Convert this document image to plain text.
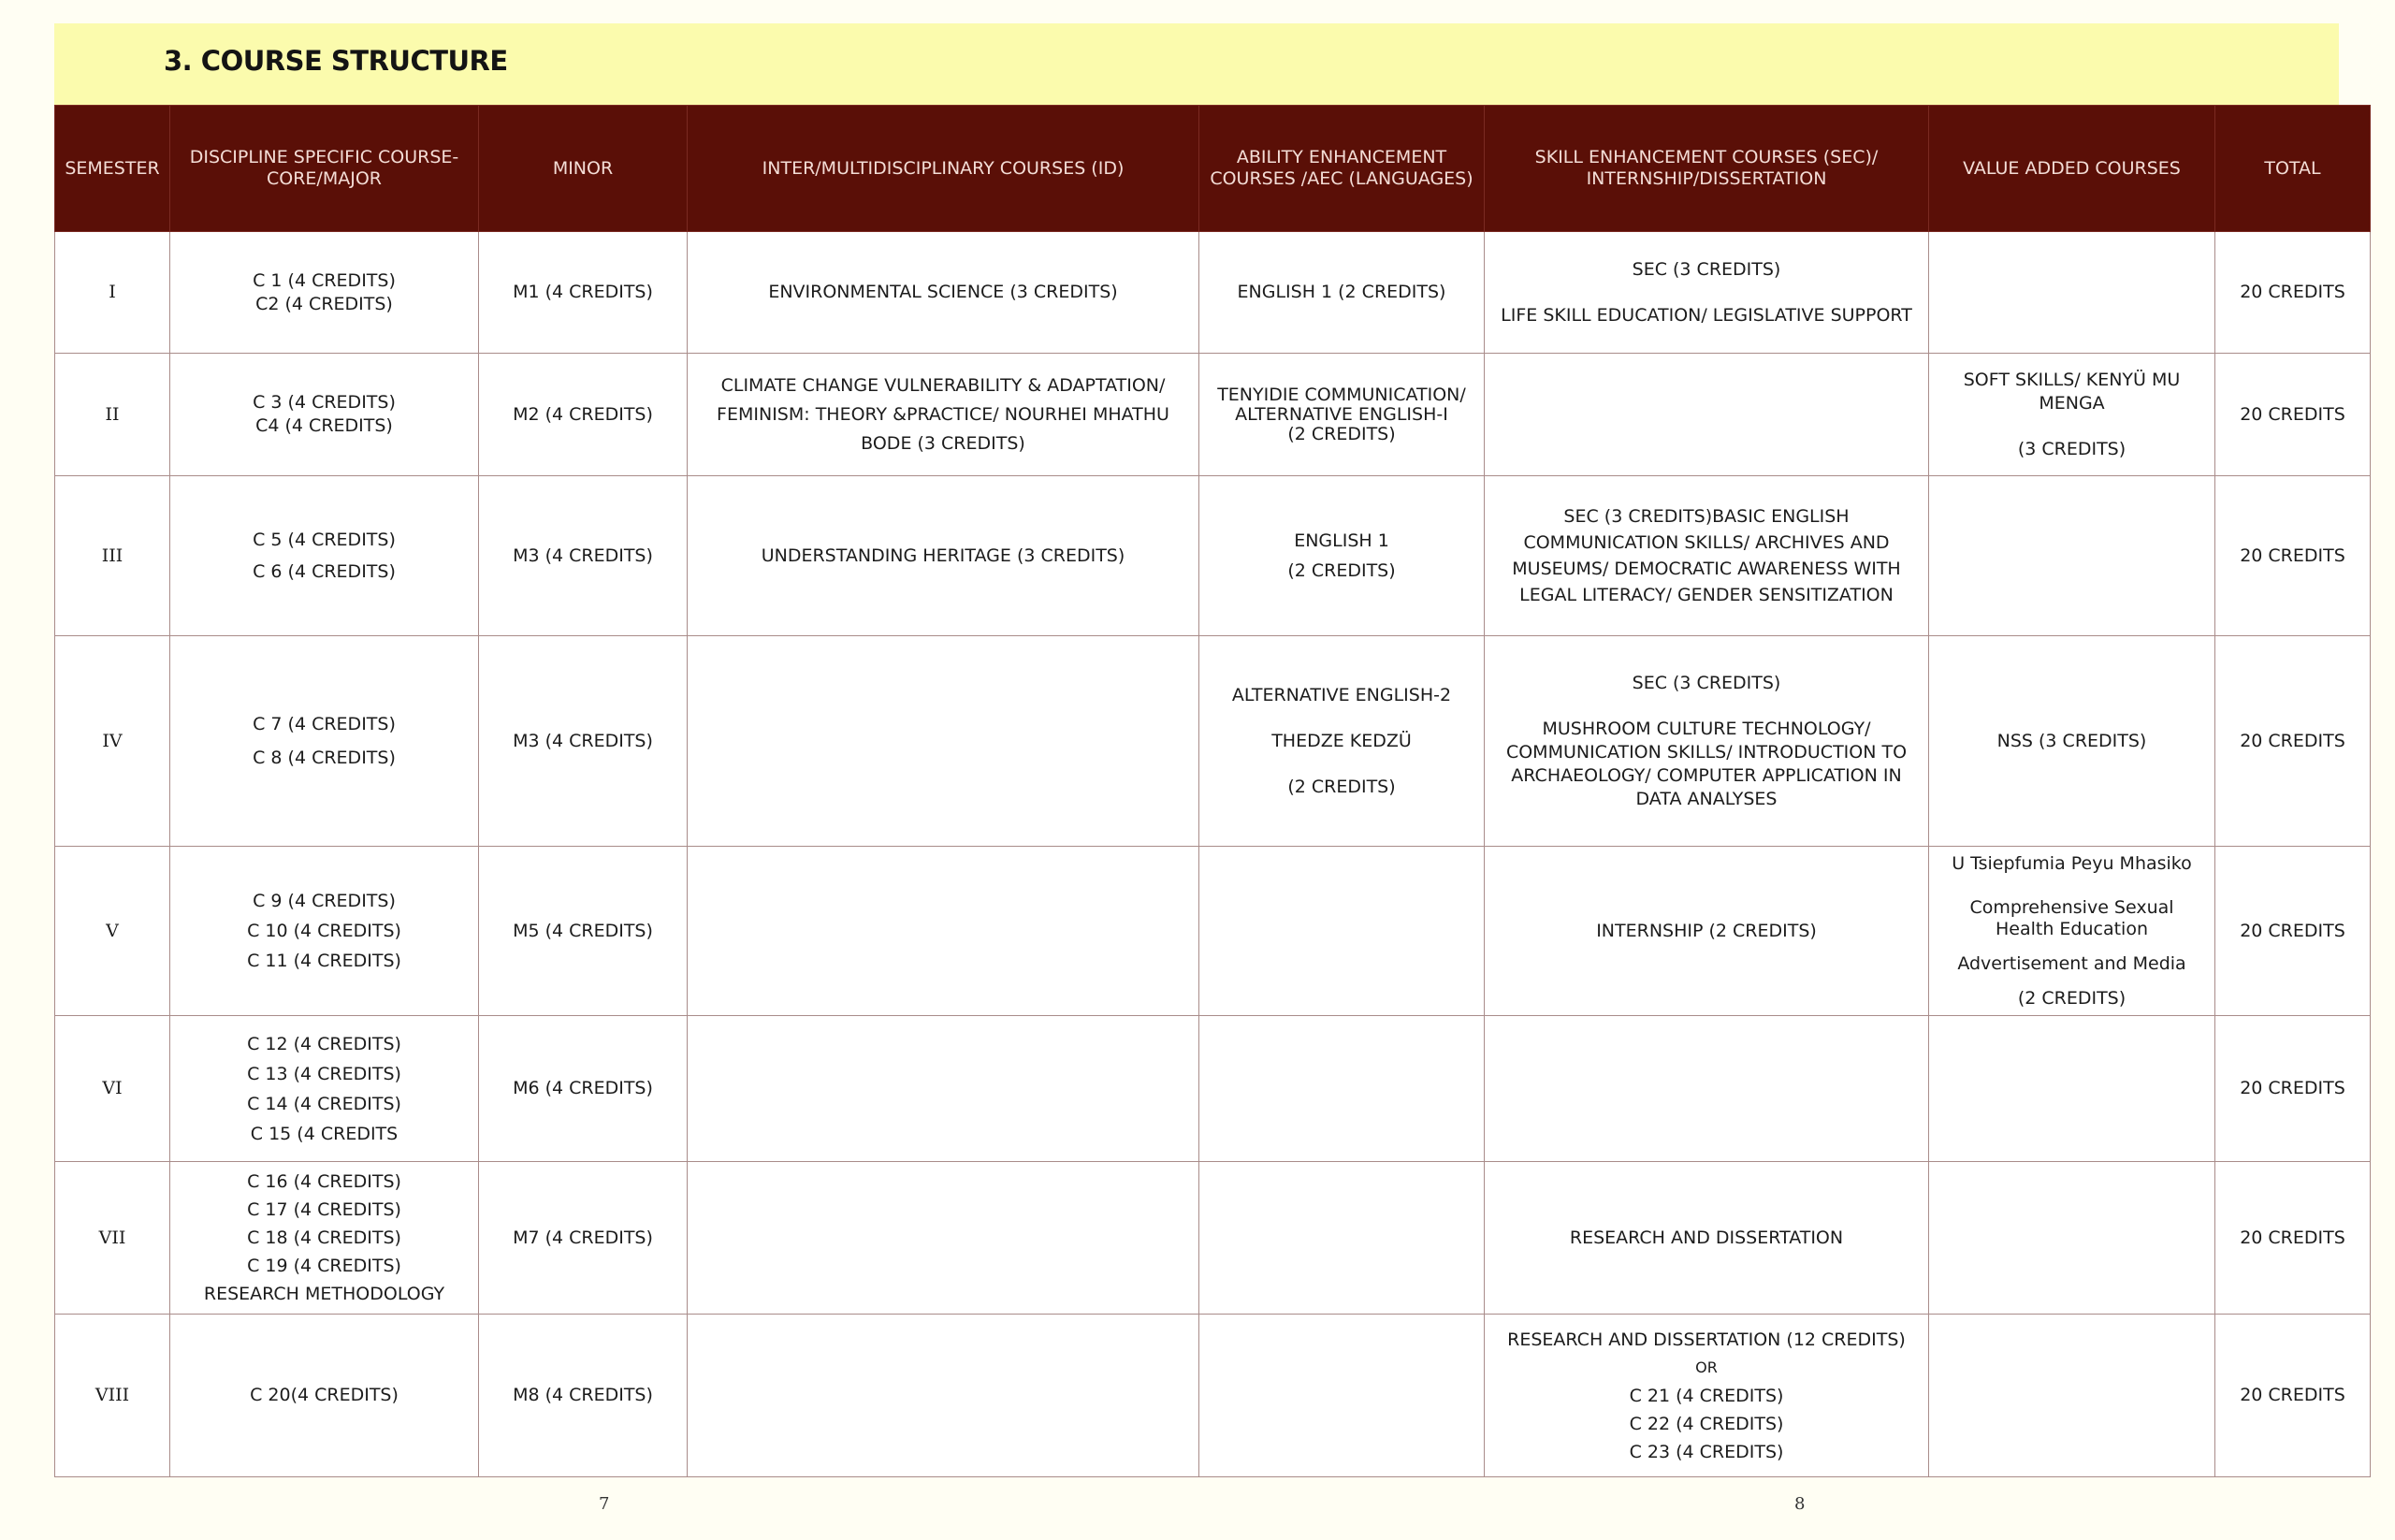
3. COURSE STRUCTURE
SEMESTER	DISCIPLINE SPECIFIC COURSE-CORE/MAJOR	MINOR	INTER/MULTIDISCIPLINARY COURSES (ID)	ABILITY ENHANCEMENT COURSES /AEC (LANGUAGES)	SKILL ENHANCEMENT COURSES (SEC)/ INTERNSHIP/DISSERTATION	VALUE ADDED COURSES	TOTAL
I	C 1 (4 CREDITS)
C2 (4 CREDITS)	M1 (4 CREDITS)	ENVIRONMENTAL SCIENCE (3 CREDITS)	ENGLISH 1 (2 CREDITS)	SEC (3 CREDITS)
LIFE SKILL EDUCATION/ LEGISLATIVE SUPPORT		20 CREDITS
II	C 3 (4 CREDITS)
C4 (4 CREDITS)	M2 (4 CREDITS)	CLIMATE CHANGE VULNERABILITY & ADAPTATION/
FEMINISM: THEORY &PRACTICE/ NOURHEI MHATHU
BODE (3 CREDITS)	TENYIDIE COMMUNICATION/
ALTERNATIVE ENGLISH-I
(2 CREDITS)		SOFT SKILLS/ KENYÜ MU MENGA
(3 CREDITS)	20 CREDITS
III	C 5 (4 CREDITS)
C 6 (4 CREDITS)	M3 (4 CREDITS)	UNDERSTANDING HERITAGE (3 CREDITS)	ENGLISH 1
(2 CREDITS)	SEC (3 CREDITS)BASIC ENGLISH
COMMUNICATION SKILLS/ ARCHIVES AND
MUSEUMS/ DEMOCRATIC AWARENESS WITH
LEGAL LITERACY/ GENDER SENSITIZATION		20 CREDITS
IV	C 7 (4 CREDITS)
C 8 (4 CREDITS)	M3 (4 CREDITS)		ALTERNATIVE ENGLISH-2
THEDZE KEDZÜ
(2 CREDITS)	SEC (3 CREDITS)
MUSHROOM CULTURE TECHNOLOGY/
COMMUNICATION SKILLS/ INTRODUCTION TO
ARCHAEOLOGY/ COMPUTER APPLICATION IN
DATA ANALYSES	NSS (3 CREDITS)	20 CREDITS
V	C 9 (4 CREDITS)
C 10 (4 CREDITS)
C 11 (4 CREDITS)	M5 (4 CREDITS)			INTERNSHIP (2 CREDITS)	U Tsiepfumia Peyu Mhasiko
Comprehensive Sexual
Health Education
Advertisement and Media
(2 CREDITS)	20 CREDITS
VI	C 12 (4 CREDITS)
C 13 (4 CREDITS)
C 14 (4 CREDITS)
C 15 (4 CREDITS	M6 (4 CREDITS)					20 CREDITS
VII	C 16 (4 CREDITS)
C 17 (4 CREDITS)
C 18 (4 CREDITS)
C 19 (4 CREDITS)
RESEARCH METHODOLOGY	M7 (4 CREDITS)			RESEARCH AND DISSERTATION		20 CREDITS
VIII	C 20(4 CREDITS)	M8 (4 CREDITS)			RESEARCH AND DISSERTATION (12 CREDITS)
OR
C 21 (4 CREDITS)
C 22 (4 CREDITS)
C 23 (4 CREDITS)		20 CREDITS
7	8
